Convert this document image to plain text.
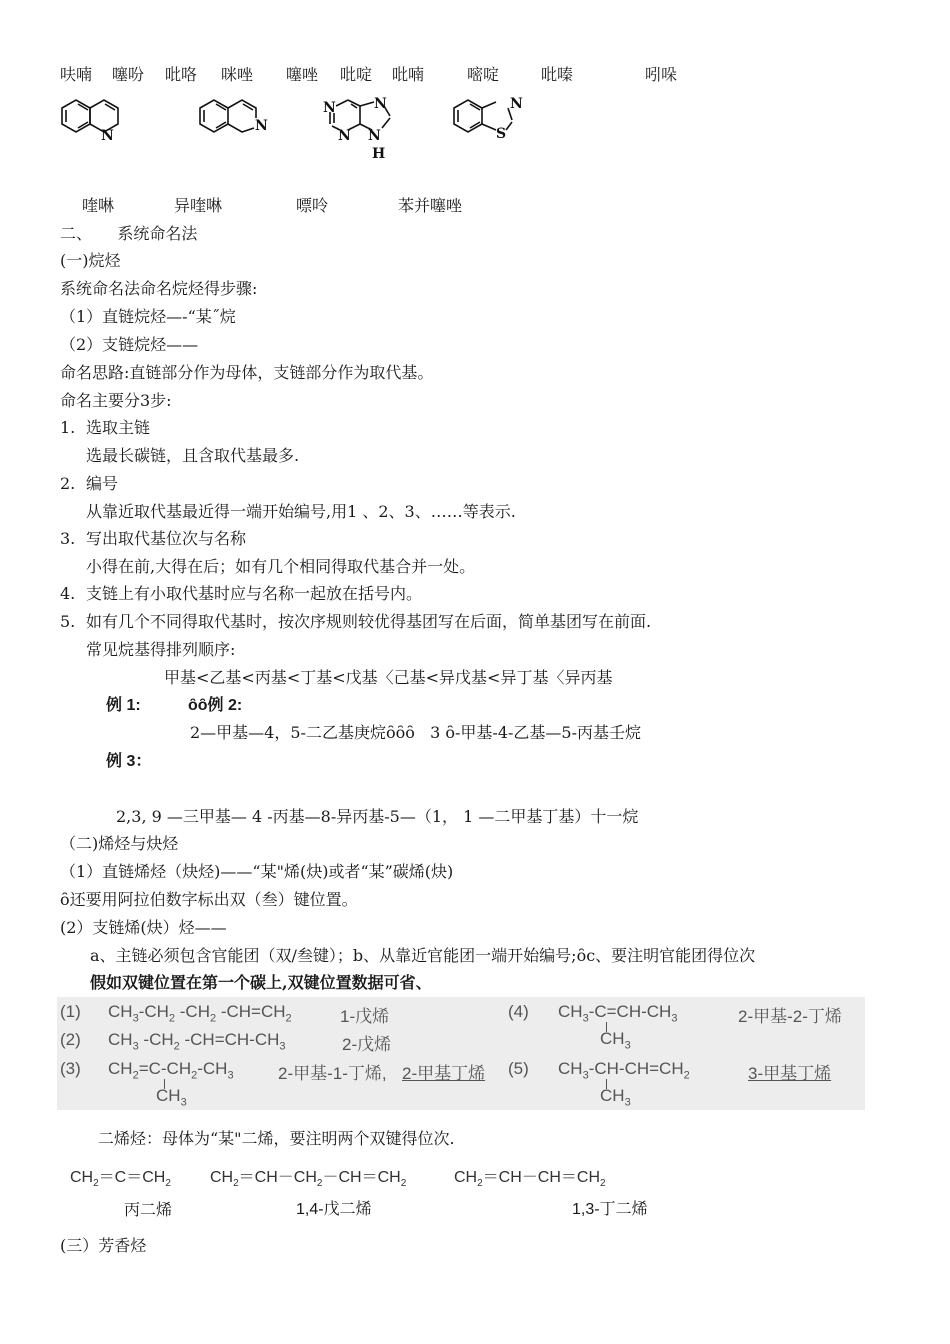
呋喃 噻吩 吡咯 咪唑 噻唑 吡啶 吡喃	嘧啶	吡嗪	吲哚
N
N
N
N
N
N
H
N
S
喹啉	异喹啉	嘌呤	苯并噻唑
二、     系统命名法
(一)烷烃
系统命名法命名烷烃得步骤:
（1）直链烷烃—-“某˝烷
（2）支链烷烃——
命名思路:直链部分作为母体，支链部分作为取代基。
命名主要分3步:
1. 选取主链
选最长碳链，且含取代基最多.
2. 编号
从靠近取代基最近得一端开始编号,用1 、2、3、……等表示.
3. 写出取代基位次与名称
小得在前,大得在后；如有几个相同得取代基合并一处。
4. 支链上有小取代基时应与名称一起放在括号内。
5. 如有几个不同得取代基时，按次序规则较优得基团写在后面，简单基团写在前面.
常见烷基得排列顺序:
甲基<乙基<丙基<丁基<戊基〈己基<异戊基<异丁基〈异丙基
例 1:	ȏȏ例 2:
2—甲基—4，5-二乙基庚烷ȏȏȏ   3 ȏ-甲基-4-乙基—5-丙基壬烷
例 3：
2,3, 9 —三甲基— 4 -丙基—8-异丙基-5—（1， 1 —二甲基丁基）十一烷
（二)烯烃与炔烃
（1）直链烯烃（炔烃)——“某"烯(炔)或者“某”碳烯(炔)
ȏ还要用阿拉伯数字标出双（叁）键位置。
(2）支链烯(炔）烃——
a、主链必须包含官能团（双/叁键）；b、从靠近官能团一端开始编号;ȏc、要注明官能团得位次
假如双键位置在第一个碳上,双键位置数据可省、
(1) $CH_3-CH_2$ $-CH_2$ $-CH=CH_2$	1-戊烯
(2) $CH_3$ $-CH_2$ $-CH=CH-CH_3$	2-戊烯
(3) $CH_2=C-CH_2-CH_3$
$CH_3$
2-甲基-1-丁烯, 2-甲基丁烯
(4) $CH_3-C=CH-CH_3$
$CH_3$
2-甲基-2-丁烯
(5) $CH_3-CH-CH=CH_2$
$CH_3$
3-甲基丁烯
二烯烃：母体为“某"二烯，要注明两个双键得位次.
$CH_2=C=CH_2$ $CH_2=CH-CH_2-CH=CH_2$	$CH_2=CH-CH=CH_2$
丙二烯	1,4-戊二烯	1,3-丁二烯
(三）芳香烃
